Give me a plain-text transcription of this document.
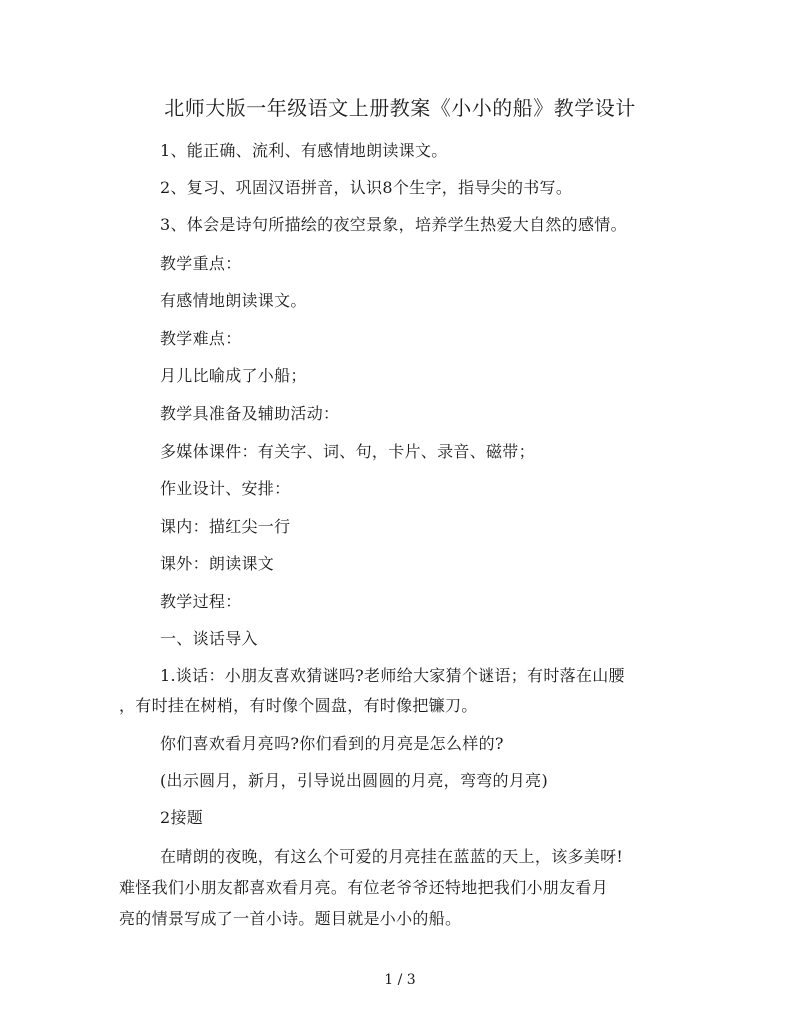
北师大版一年级语文上册教案《小小的船》教学设计
1、能正确、流利、有感情地朗读课文。
2、复习、巩固汉语拼音，认识8个生字，指导尖的书写。
3、体会是诗句所描绘的夜空景象，培养学生热爱大自然的感情。
教学重点：
有感情地朗读课文。
教学难点：
月儿比喻成了小船；
教学具准备及辅助活动：
多媒体课件：有关字、词、句，卡片、录音、磁带；
作业设计、安排：
课内：描红尖一行
课外：朗读课文
教学过程：
一、谈话导入
1.谈话：小朋友喜欢猜谜吗?老师给大家猜个谜语；有时落在山腰
，有时挂在树梢，有时像个圆盘，有时像把镰刀。
你们喜欢看月亮吗?你们看到的月亮是怎么样的?
(出示圆月，新月，引导说出圆圆的月亮，弯弯的月亮)
2接题
在晴朗的夜晚，有这么个可爱的月亮挂在蓝蓝的天上，该多美呀!
难怪我们小朋友都喜欢看月亮。有位老爷爷还特地把我们小朋友看月
亮的情景写成了一首小诗。题目就是小小的船。
1 / 3
